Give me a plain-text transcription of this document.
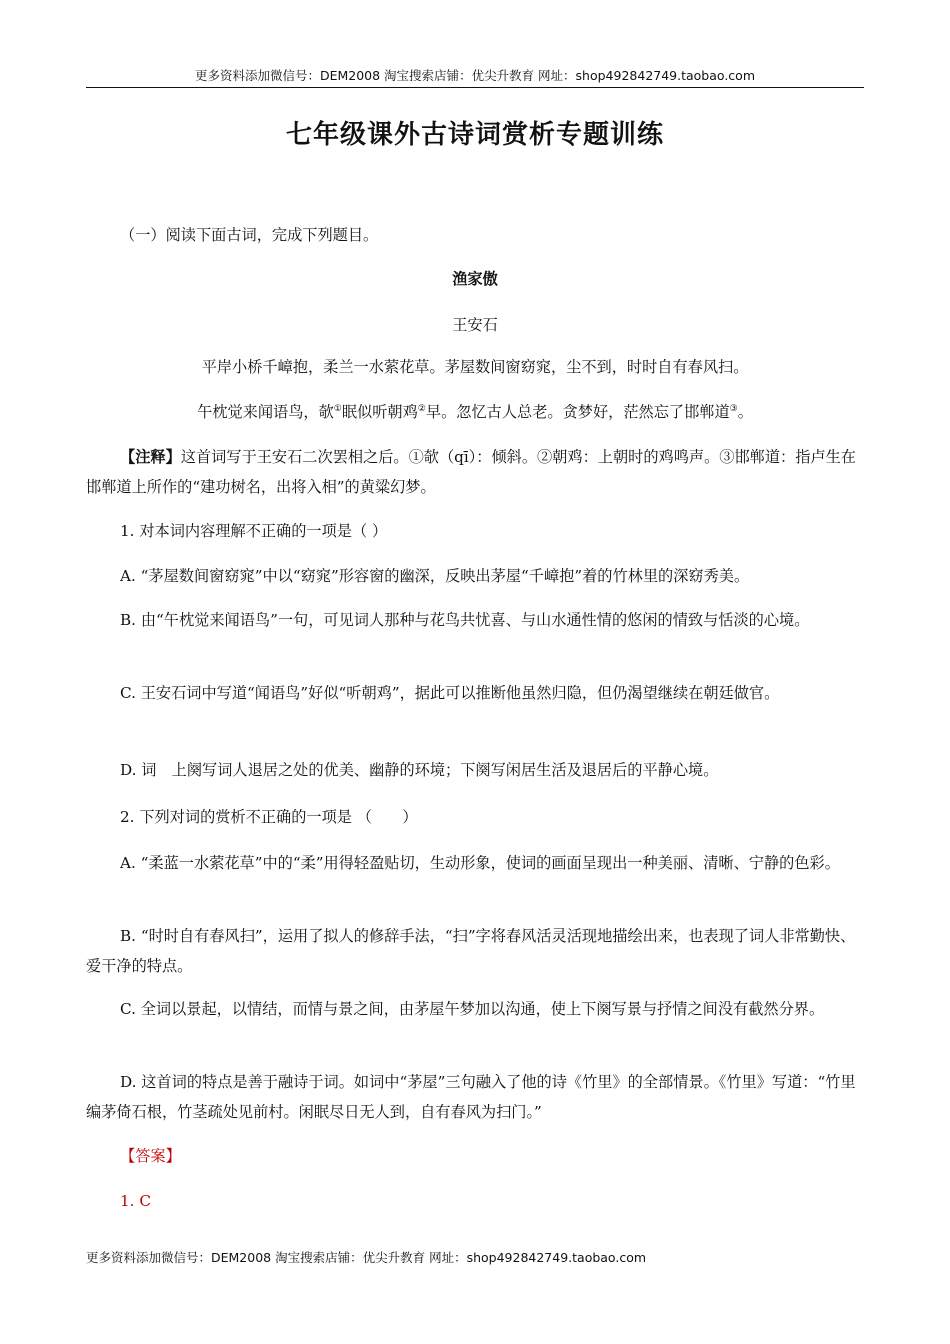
更多资料添加微信号：DEM2008 淘宝搜索店铺：优尖升教育 网址：shop492842749.taobao.com
七年级课外古诗词赏析专题训练

（一）阅读下面古词，完成下列题目。

渔家傲

王安石

平岸小桥千嶂抱，柔兰一水萦花草。茅屋数间窗窈窕，尘不到，时时自有春风扫。

午枕觉来闻语鸟，欹①眠似听朝鸡②早。忽忆古人总老。贪梦好，茫然忘了邯郸道③。

【注释】这首词写于王安石二次罢相之后。①欹（qī）：倾斜。②朝鸡：上朝时的鸡鸣声。③邯郸道：指卢生在邯郸道上所作的“建功树名，出将入相”的黄粱幻梦。

1. 对本词内容理解不正确的一项是（ ）

A. “茅屋数间窗窈窕”中以“窈窕”形容窗的幽深，反映出茅屋“千嶂抱”着的竹林里的深窈秀美。

B. 由“午枕觉来闻语鸟”一句，可见词人那种与花鸟共忧喜、与山水通性情的悠闲的情致与恬淡的心境。

C. 王安石词中写道“闻语鸟”好似“听朝鸡”，据此可以推断他虽然归隐，但仍渴望继续在朝廷做官。

D. 词　上阕写词人退居之处的优美、幽静的环境；下阕写闲居生活及退居后的平静心境。

2. 下列对词的赏析不正确的一项是 （　　）

A. “柔蓝一水萦花草”中的“柔”用得轻盈贴切，生动形象，使词的画面呈现出一种美丽、清晰、宁静的色彩。

B. “时时自有春风扫”，运用了拟人的修辞手法，“扫”字将春风活灵活现地描绘出来，也表现了词人非常勤快、爱干净的特点。

C. 全词以景起，以情结，而情与景之间，由茅屋午梦加以沟通，使上下阕写景与抒情之间没有截然分界。

D. 这首词的特点是善于融诗于词。如词中“茅屋”三句融入了他的诗《竹里》的全部情景。《竹里》写道：“竹里编茅倚石根，竹茎疏处见前村。闲眠尽日无人到，自有春风为扫门。”

【答案】

1. C

更多资料添加微信号：DEM2008 淘宝搜索店铺：优尖升教育 网址：shop492842749.taobao.com
